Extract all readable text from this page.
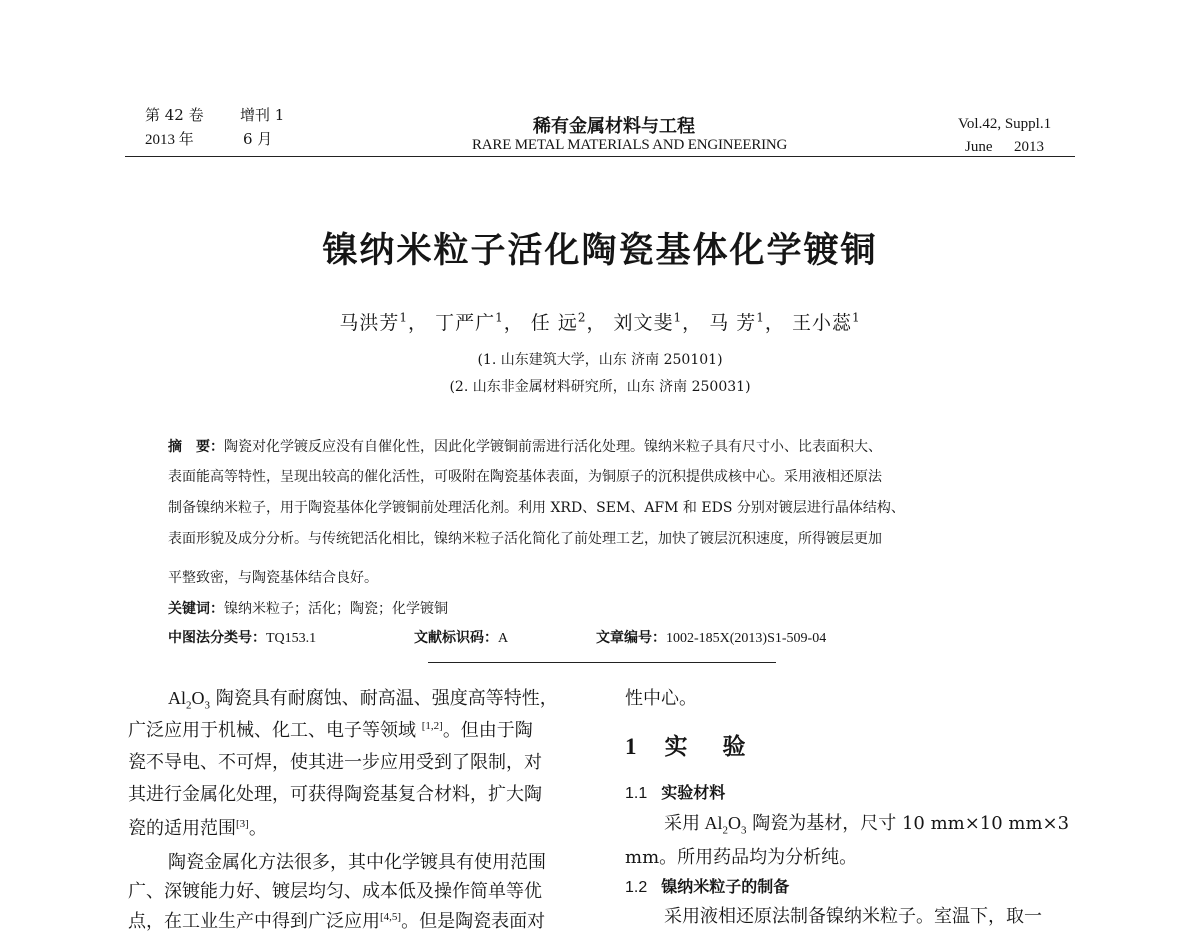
第 42 卷 增刊 1
2013 年	6 月
稀有金属材料与工程
RARE METAL MATERIALS AND ENGINEERING
Vol.42, Suppl.1
June 2013
镍纳米粒子活化陶瓷基体化学镀铜
马洪芳$^1$， 丁严广$^1$， 任 远$^2$， 刘文斐$^1$， 马 芳$^1$， 王小蕊$^1$
(1. 山东建筑大学，山东 济南 250101)
(2. 山东非金属材料研究所，山东 济南 250031)
摘　要：陶瓷对化学镀反应没有自催化性，因此化学镀铜前需进行活化处理。镍纳米粒子具有尺寸小、比表面积大、
表面能高等特性，呈现出较高的催化活性，可吸附在陶瓷基体表面，为铜原子的沉积提供成核中心。采用液相还原法
制备镍纳米粒子，用于陶瓷基体化学镀铜前处理活化剂。利用 XRD、SEM、AFM 和 EDS 分别对镀层进行晶体结构、
表面形貌及成分分析。与传统钯活化相比，镍纳米粒子活化简化了前处理工艺，加快了镀层沉积速度，所得镀层更加
平整致密，与陶瓷基体结合良好。
关键词：镍纳米粒子；活化；陶瓷；化学镀铜
中图法分类号：TQ153.1	文献标识码：A	文章编号：1002-185X(2013)S1-509-04
$Al_2O_3$ 陶瓷具有耐腐蚀、耐高温、强度高等特性，
广泛应用于机械、化工、电子等领域 [1,2]。但由于陶
瓷不导电、不可焊，使其进一步应用受到了限制，对
其进行金属化处理，可获得陶瓷基复合材料，扩大陶
瓷的适用范围[3]。
陶瓷金属化方法很多，其中化学镀具有使用范围
广、深镀能力好、镀层均匀、成本低及操作简单等优
点，在工业生产中得到广泛应用[4,5]。但是陶瓷表面对
性中心。
1 实　验
1.1 实验材料
采用 $Al_2O_3$ 陶瓷为基材，尺寸 10 mm×10 mm×3
mm。所用药品均为分析纯。
1.2 镍纳米粒子的制备
采用液相还原法制备镍纳米粒子。室温下，取一
